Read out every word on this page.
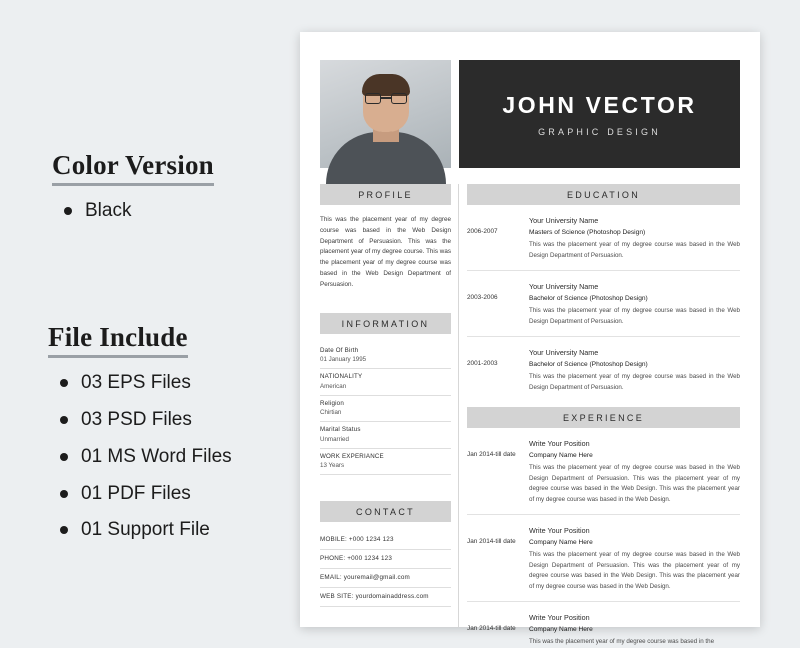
Color Version
Black
File Include
03 EPS Files
03 PSD Files
01 MS Word Files
01 PDF Files
01 Support File
JOHN VECTOR
GRAPHIC DESIGN
PROFILE
This was the placement year of my degree course was based in the Web Design Department of Persuasion. This was the placement year of my degree course. This was the placement year of my degree course was based in the Web Design Department of Persuasion.
INFORMATION
Date Of Birth
01 January 1995
NATIONALITY
American
Religion
Chirtian
Marital Status
Unmarried
WORK EXPERIANCE
13 Years
CONTACT
MOBILE: +000 1234 123
PHONE: +000 1234 123
EMAIL: youremail@gmail.com
WEB SITE: yourdomainaddress.com
EDUCATION
2006-2007
Your University Name
Masters of Science (Photoshop Design)
This was the placement year of my degree course was based in the Web Design Department of Persuasion.
2003-2006
Your University Name
Bachelor of Science (Photoshop Design)
This was the placement year of my degree course was based in the Web Design Department of Persuasion.
2001-2003
Your University Name
Bachelor of Science (Photoshop Design)
This was the placement year of my degree course was based in the Web Design Department of Persuasion.
EXPERIENCE
Jan 2014-till date
Write Your Position
Company Name Here
This was the placement year of my degree course was based in the Web Design Department of Persuasion. This was the placement year of my degree course was based in the Web Design. This was the placement year of my degree course was based in the Web Design.
Jan 2014-till date
Write Your Position
Company Name Here
This was the placement year of my degree course was based in the Web Design Department of Persuasion. This was the placement year of my degree course was based in the Web Design. This was the placement year of my degree course was based in the Web Design.
Jan 2014-till date
Write Your Position
Company Name Here
This was the placement year of my degree course was based in the
